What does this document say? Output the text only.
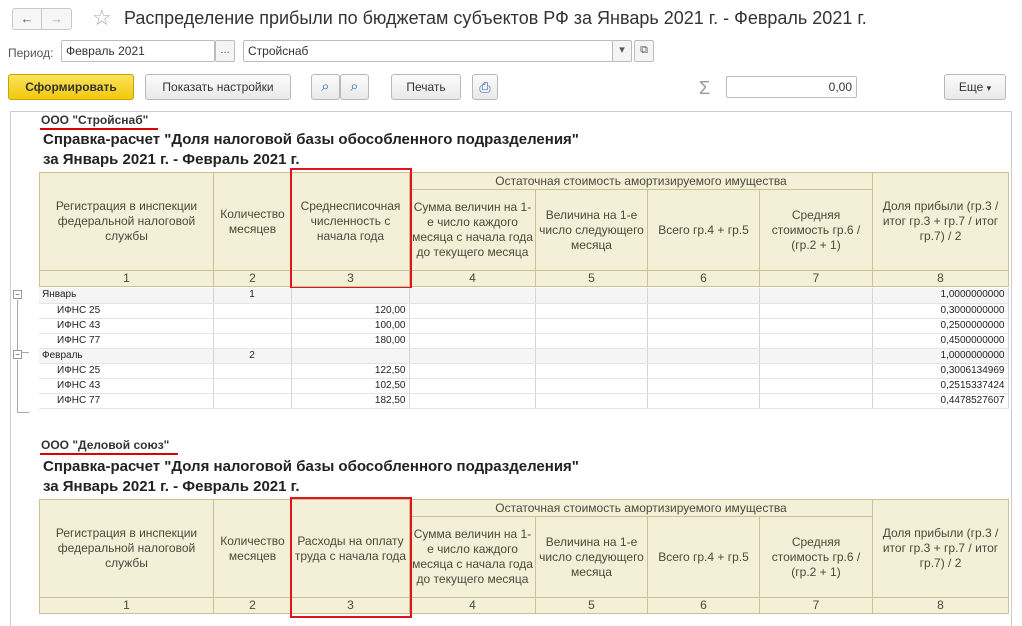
←	→	☆ Распределение прибыли по бюджетам субъектов РФ за Январь 2021 г. - Февраль 2021 г.
Период:	Февраль 2021	...	Стройснаб	▾	⧉
Сформировать	Показать настройки	⌕	⌕	Печать	⎙	Σ	0,00	Еще ▾
ООО "Стройснаб"
Справка-расчет "Доля налоговой базы обособленного подразделения"
за Январь 2021 г. - Февраль 2021 г.
Регистрация в инспекции федеральной налоговой службы	Количество месяцев	Среднесписочная численность с начала года	Остаточная стоимость амортизируемого имущества				Доля прибыли (гр.3 / итог гр.3 + гр.7 / итог гр.7) / 2
			Сумма величин на 1-е число каждого месяца с начала года до текущего месяца	Величина на 1-е число следующего месяца	Всего гр.4 + гр.5	Средняя стоимость гр.6 / (гр.2 + 1)	
1	2	3	4	5	6	7	8
−
−
Январь	1						1,0000000000
ИФНС 25		120,00					0,3000000000
ИФНС 43		100,00					0,2500000000
ИФНС 77		180,00					0,4500000000
Февраль	2						1,0000000000
ИФНС 25		122,50					0,3006134969
ИФНС 43		102,50					0,2515337424
ИФНС 77		182,50					0,4478527607
ООО "Деловой союз"
Справка-расчет "Доля налоговой базы обособленного подразделения"
за Январь 2021 г. - Февраль 2021 г.
Регистрация в инспекции федеральной налоговой службы	Количество месяцев	Расходы на оплату труда с начала года	Остаточная стоимость амортизируемого имущества				Доля прибыли (гр.3 / итог гр.3 + гр.7 / итог гр.7) / 2
			Сумма величин на 1-е число каждого месяца с начала года до текущего месяца	Величина на 1-е число следующего месяца	Всего гр.4 + гр.5	Средняя стоимость гр.6 / (гр.2 + 1)	
1	2	3	4	5	6	7	8
